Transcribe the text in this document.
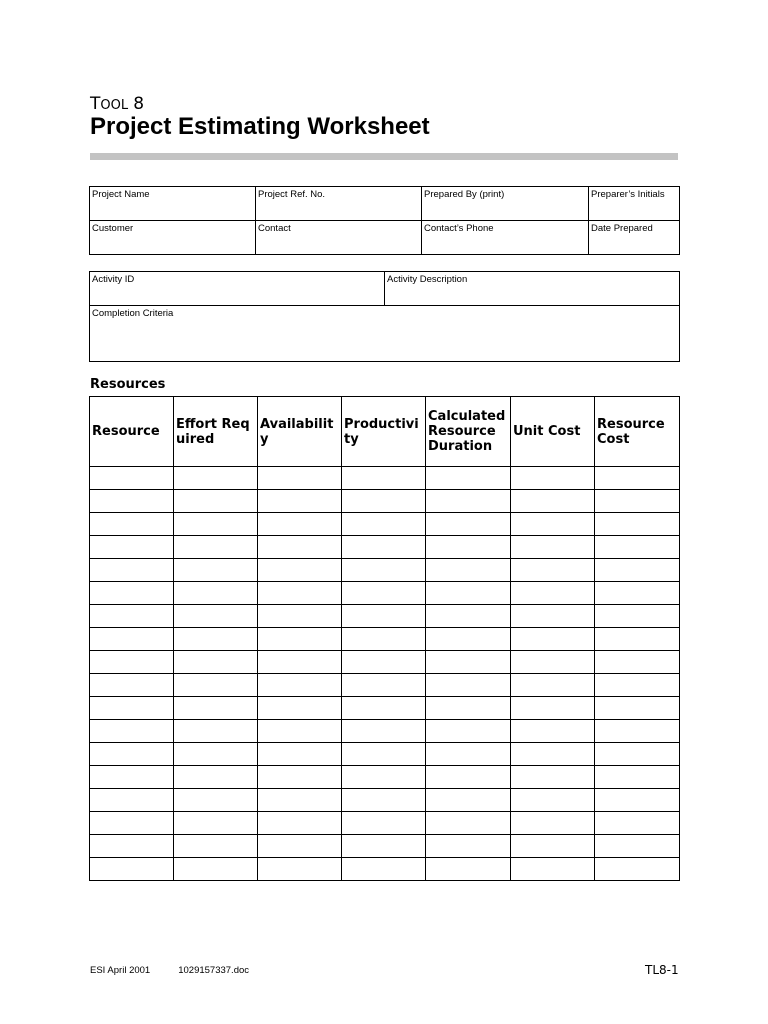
TOOL 8
Project Estimating Worksheet
Project Name	Project Ref. No.	Prepared By (print)	Preparer’s Initials
Customer	Contact	Contact’s Phone	Date Prepared
Activity ID	Activity Description
Completion Criteria
Resources
Resource	Effort Required	Availability	Productivity	Calculated Resource Duration	Unit Cost	Resource Cost

ESI April 2001	1029157337.doc	TL8-1
